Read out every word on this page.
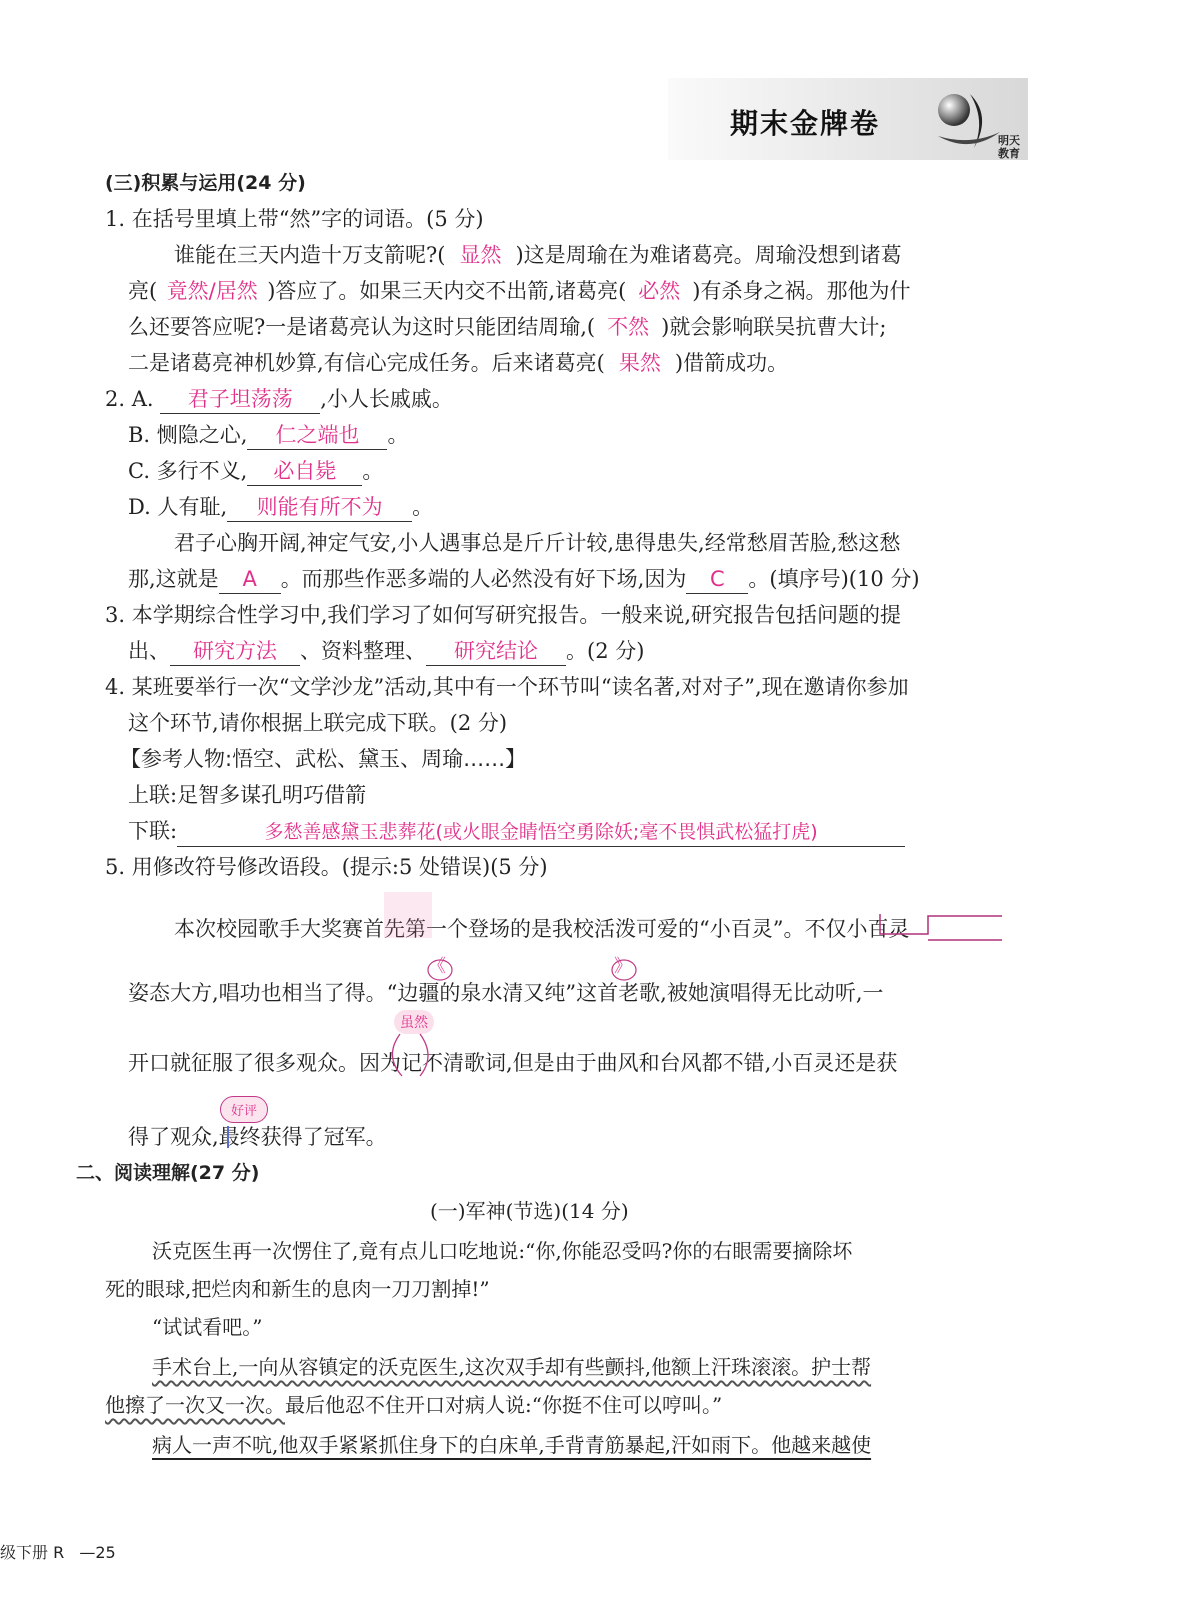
期末金牌卷
明天
教育
(三)积累与运用(24 分)
1. 在括号里填上带“然”字的词语。(5 分)
谁能在三天内造十万支箭呢?( 显然 )这是周瑜在为难诸葛亮。周瑜没想到诸葛
亮( 竟然/居然 )答应了。如果三天内交不出箭,诸葛亮( 必然 )有杀身之祸。那他为什
么还要答应呢?一是诸葛亮认为这时只能团结周瑜,( 不然 )就会影响联吴抗曹大计;
二是诸葛亮神机妙算,有信心完成任务。后来诸葛亮( 果然 )借箭成功。
2. A. 君子坦荡荡 ,小人长戚戚。
B. 恻隐之心, 仁之端也 。
C. 多行不义, 必自毙 。
D. 人有耻, 则能有所不为 。
君子心胸开阔,神定气安,小人遇事总是斤斤计较,患得患失,经常愁眉苦脸,愁这愁
那,这就是 A 。而那些作恶多端的人必然没有好下场,因为 C 。(填序号)(10 分)
3. 本学期综合性学习中,我们学习了如何写研究报告。一般来说,研究报告包括问题的提
出、 研究方法 、资料整理、 研究结论 。(2 分)
4. 某班要举行一次“文学沙龙”活动,其中有一个环节叫“读名著,对对子”,现在邀请你参加
这个环节,请你根据上联完成下联。(2 分)
【参考人物:悟空、武松、黛玉、周瑜……】
上联:足智多谋孔明巧借箭
下联:	多愁善感黛玉悲葬花(或火眼金睛悟空勇除妖;毫不畏惧武松猛打虎)
5. 用修改符号修改语段。(提示:5 处错误)(5 分)
本次校园歌手大奖赛首先第一个登场的是我校活泼可爱的“小百灵”。不仅小百灵
姿态大方,唱功也相当了得。“边疆的泉水清又纯”这首老歌,被她演唱得无比动听,一
开口就征服了很多观众。因为记不清歌词,但是由于曲风和台风都不错,小百灵还是获
得了观众,最终获得了冠军。
《	》
虽然
好评
二、阅读理解(27 分)
(一)军神(节选)(14 分)
沃克医生再一次愣住了,竟有点儿口吃地说:“你,你能忍受吗?你的右眼需要摘除坏
死的眼球,把烂肉和新生的息肉一刀刀割掉!”
“试试看吧。”
手术台上,一向从容镇定的沃克医生,这次双手却有些颤抖,他额上汗珠滚滚。护士帮
他擦了一次又一次。最后他忍不住开口对病人说:“你挺不住可以哼叫。”
病人一声不吭,他双手紧紧抓住身下的白床单,手背青筋暴起,汗如雨下。他越来越使
级下册 R —25
